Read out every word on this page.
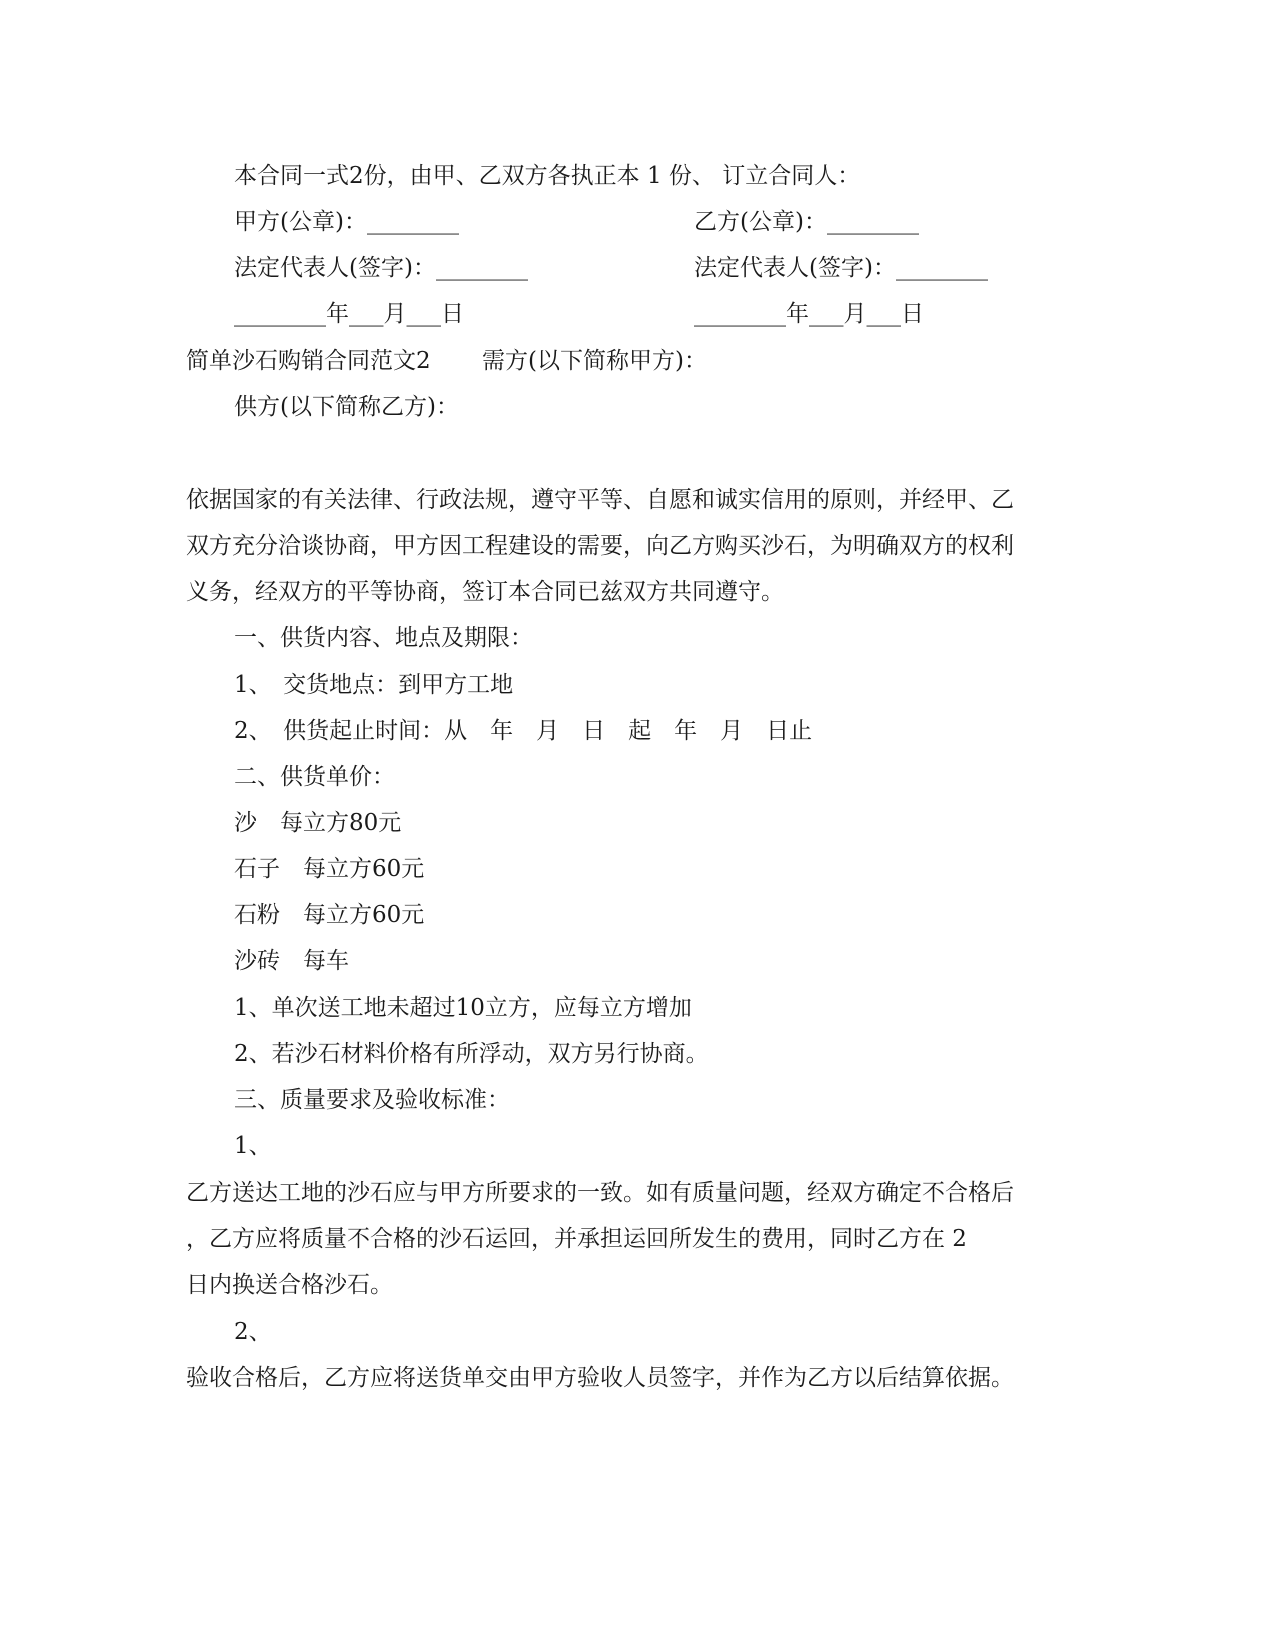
本合同一式2份，由甲、乙双方各执正本 1 份、 订立合同人：
甲方(公章)：________	乙方(公章)：________
法定代表人(签字)：________	法定代表人(签字)：________
________年___月___日	________年___月___日
简单沙石购销合同范文2 需方(以下简称甲方)：
供方(以下简称乙方)：
依据国家的有关法律、行政法规，遵守平等、自愿和诚实信用的原则，并经甲、乙
双方充分洽谈协商，甲方因工程建设的需要，向乙方购买沙石，为明确双方的权利
义务，经双方的平等协商，签订本合同已兹双方共同遵守。
一、供货内容、地点及期限：
1、　交货地点：到甲方工地
2、　供货起止时间：从　年　月　日　起　年　月　日止
二、供货单价：
沙　每立方80元
石子　每立方60元
石粉　每立方60元
沙砖　每车
1、单次送工地未超过10立方，应每立方增加
2、若沙石材料价格有所浮动，双方另行协商。
三、质量要求及验收标准：
1、
乙方送达工地的沙石应与甲方所要求的一致。如有质量问题，经双方确定不合格后
，乙方应将质量不合格的沙石运回，并承担运回所发生的费用，同时乙方在 2
日内换送合格沙石。
2、
验收合格后，乙方应将送货单交由甲方验收人员签字，并作为乙方以后结算依据。
